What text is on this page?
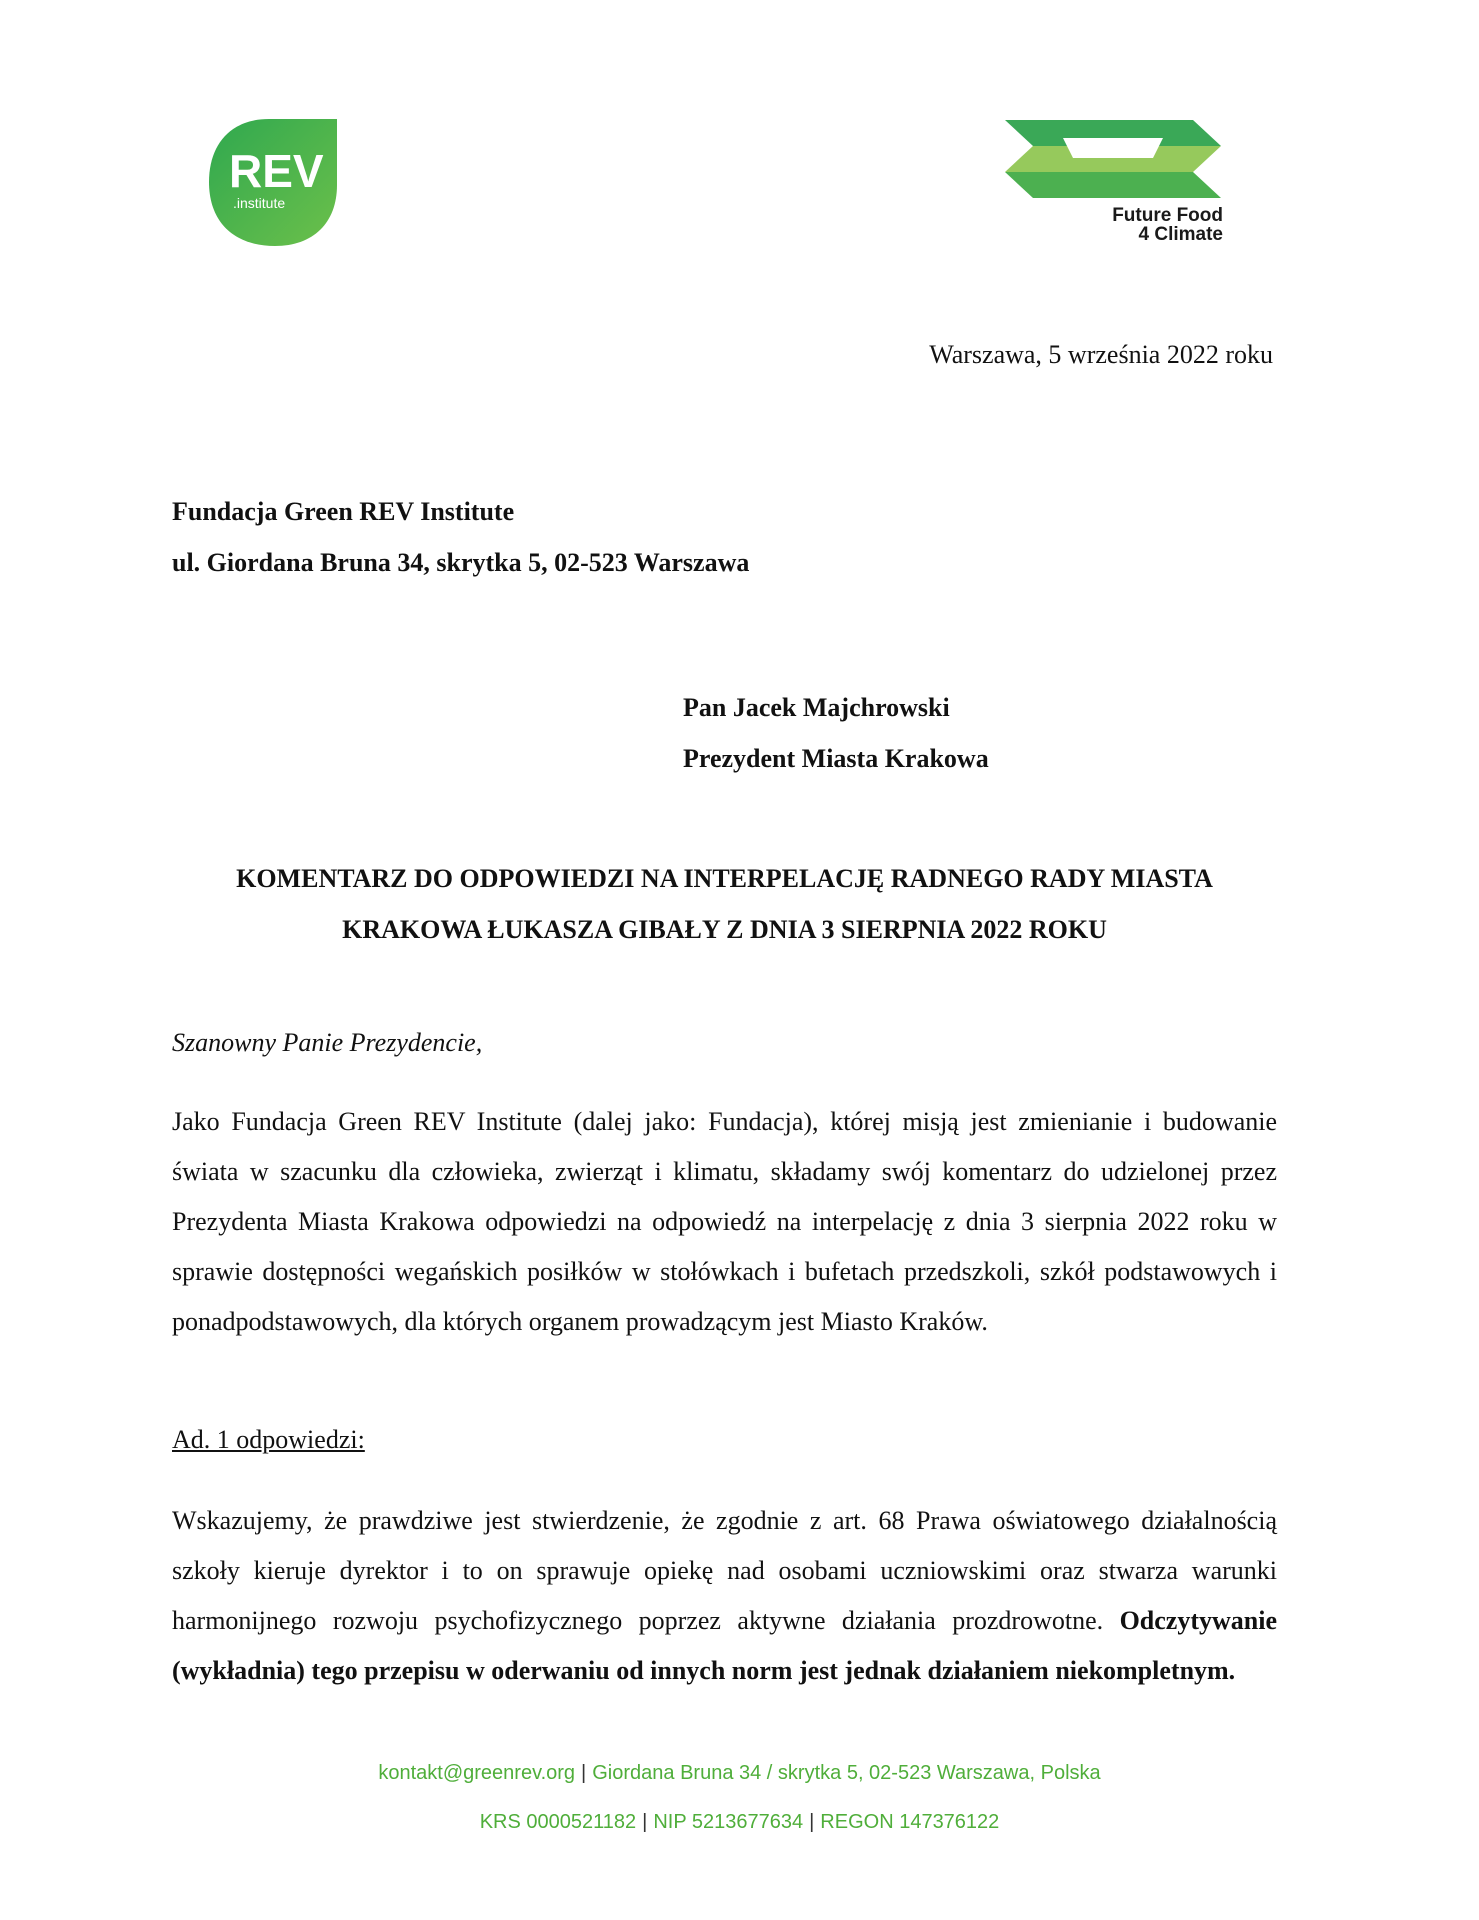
REV
.institute
Future Food
4 Climate
Warszawa, 5 września 2022 roku
Fundacja Green REV Institute
ul. Giordana Bruna 34, skrytka 5, 02-523 Warszawa
Pan Jacek Majchrowski
Prezydent Miasta Krakowa
KOMENTARZ DO ODPOWIEDZI NA INTERPELACJĘ RADNEGO RADY MIASTA
KRAKOWA ŁUKASZA GIBAŁY Z DNIA 3 SIERPNIA 2022 ROKU
Szanowny Panie Prezydencie,
Jako Fundacja Green REV Institute (dalej jako: Fundacja), której misją jest zmienianie i budowanie świata w szacunku dla człowieka, zwierząt i klimatu, składamy swój komentarz do udzielonej przez Prezydenta Miasta Krakowa odpowiedzi na odpowiedź na interpelację z dnia 3 sierpnia 2022 roku w sprawie dostępności wegańskich posiłków w stołówkach i bufetach przedszkoli, szkół podstawowych i ponadpodstawowych, dla których organem prowadzącym jest Miasto Kraków.
Ad. 1 odpowiedzi:
Wskazujemy, że prawdziwe jest stwierdzenie, że zgodnie z art. 68 Prawa oświatowego działalnością szkoły kieruje dyrektor i to on sprawuje opiekę nad osobami uczniowskimi oraz stwarza warunki harmonijnego rozwoju psychofizycznego poprzez aktywne działania prozdrowotne. Odczytywanie (wykładnia) tego przepisu w oderwaniu od innych norm jest jednak działaniem niekompletnym.
kontakt@greenrev.org | Giordana Bruna 34 / skrytka 5, 02-523 Warszawa, Polska
KRS 0000521182 | NIP 5213677634 | REGON 147376122
